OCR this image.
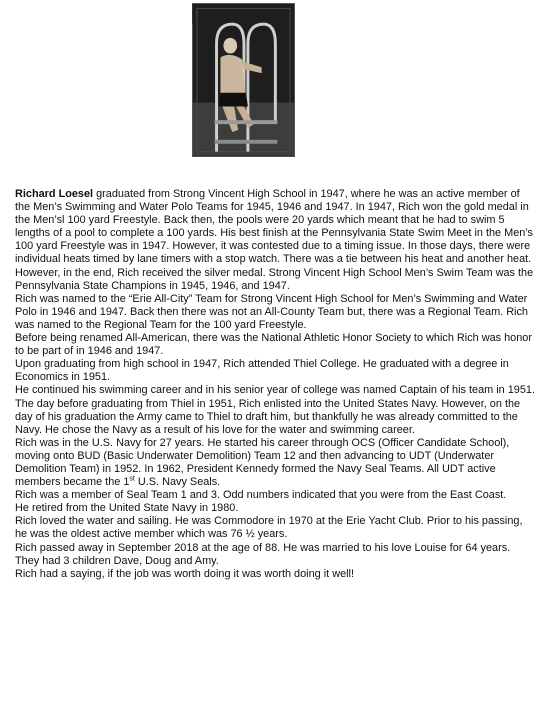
Richard Loesel graduated from Strong Vincent High School in 1947, where he was an active member of the Men’s Swimming and Water Polo Teams for 1945, 1946 and 1947. In 1947, Rich won the gold medal in the Men’sl 100 yard Freestyle. Back then, the pools were 20 yards which meant that he had to swim 5 lengths of a pool to complete a 100 yards. His best finish at the Pennsylvania State Swim Meet in the Men’s 100 yard Freestyle was in 1947. However, it was contested due to a timing issue. In those days, there were individual heats timed by lane timers with a stop watch. There was a tie between his heat and another heat. However, in the end, Rich received the silver medal. Strong Vincent High School Men’s Swim Team was the Pennsylvania State Champions in 1945, 1946, and 1947.

Rich was named to the “Erie All-City” Team for Strong Vincent High School for Men’s Swimming and Water Polo in 1946 and 1947. Back then there was not an All-County Team but, there was a Regional Team. Rich was named to the Regional Team for the 100 yard Freestyle.

Before being renamed All-American, there was the National Athletic Honor Society to which Rich was honor to be part of in 1946 and 1947.

Upon graduating from high school in 1947, Rich attended Thiel College. He graduated with a degree in Economics in 1951.

He continued his swimming career and in his senior year of college was named Captain of his team in 1951. The day before graduating from Thiel in 1951, Rich enlisted into the United States Navy. However, on the day of his graduation the Army came to Thiel to draft him, but thankfully he was already committed to the Navy. He chose the Navy as a result of his love for the water and swimming career.

Rich was in the U.S. Navy for 27 years. He started his career through OCS (Officer Candidate School), moving onto BUD (Basic Underwater Demolition) Team 12 and then advancing to UDT (Underwater Demolition Team) in 1952. In 1962, President Kennedy formed the Navy Seal Teams. All UDT active members became the 1st U.S. Navy Seals.

Rich was a member of Seal Team 1 and 3. Odd numbers indicated that you were from the East Coast.

He retired from the United State Navy in 1980.

Rich loved the water and sailing. He was Commodore in 1970 at the Erie Yacht Club. Prior to his passing, he was the oldest active member which was 76 ½ years.

Rich passed away in September 2018 at the age of 88. He was married to his love Louise for 64 years. They had 3 children Dave, Doug and Amy.

Rich had a saying, if the job was worth doing it was worth doing it well!
